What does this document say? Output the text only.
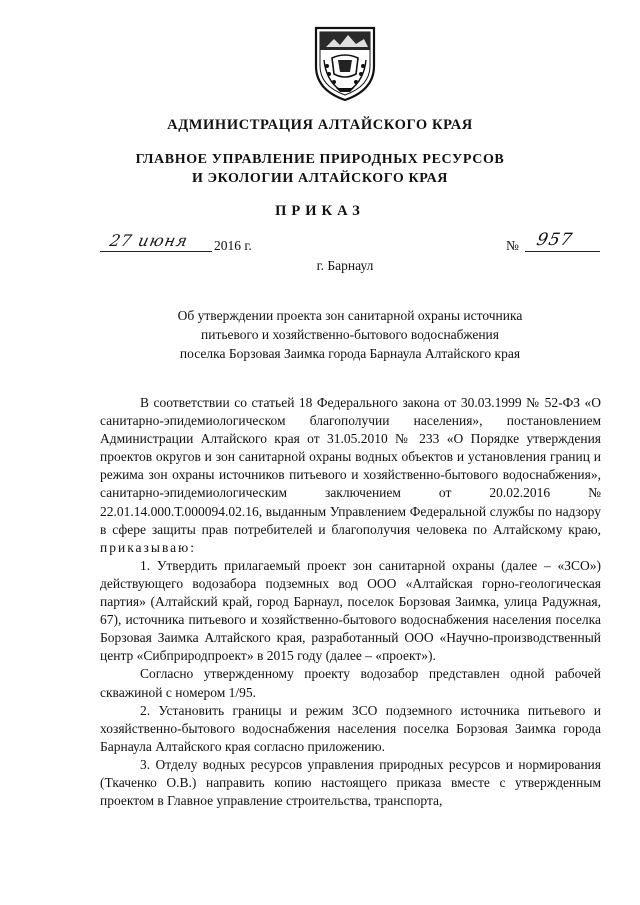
АДМИНИСТРАЦИЯ АЛТАЙСКОГО КРАЯ
ГЛАВНОЕ УПРАВЛЕНИЕ ПРИРОДНЫХ РЕСУРСОВ
И ЭКОЛОГИИ АЛТАЙСКОГО КРАЯ
ПРИКАЗ
27 июня 2016 г.	№ 957
г. Барнаул
Об утверждении проекта зон санитарной охраны источника
питьевого и хозяйственно-бытового водоснабжения
поселка Борзовая Заимка города Барнаула Алтайского края

В соответствии со статьей 18 Федерального закона от 30.03.1999 № 52-ФЗ «О санитарно-эпидемиологическом благополучии населения», постановлением Администрации Алтайского края от 31.05.2010 № 233 «О Порядке утверждения проектов округов и зон санитарной охраны водных объектов и установления границ и режима зон охраны источников питьевого и хозяйственно-бытового водоснабжения», санитарно-эпидемиологическим заключением от 20.02.2016 № 22.01.14.000.Т.000094.02.16, выданным Управлением Федеральной службы по надзору в сфере защиты прав потребителей и благополучия человека по Алтайскому краю, приказываю:

1. Утвердить прилагаемый проект зон санитарной охраны (далее – «ЗСО») действующего водозабора подземных вод ООО «Алтайская горно-геологическая партия» (Алтайский край, город Барнаул, поселок Борзовая Заимка, улица Радужная, 67), источника питьевого и хозяйственно-бытового водоснабжения населения поселка Борзовая Заимка Алтайского края, разработанный ООО «Научно-производственный центр «Сибприродпроект» в 2015 году (далее – «проект»).

Согласно утвержденному проекту водозабор представлен одной рабочей скважиной с номером 1/95.

2. Установить границы и режим ЗСО подземного источника питьевого и хозяйственно-бытового водоснабжения населения поселка Борзовая Заимка города Барнаула Алтайского края согласно приложению.

3. Отделу водных ресурсов управления природных ресурсов и нормирования (Ткаченко О.В.) направить копию настоящего приказа вместе с утвержденным проектом в Главное управление строительства, транспорта,
